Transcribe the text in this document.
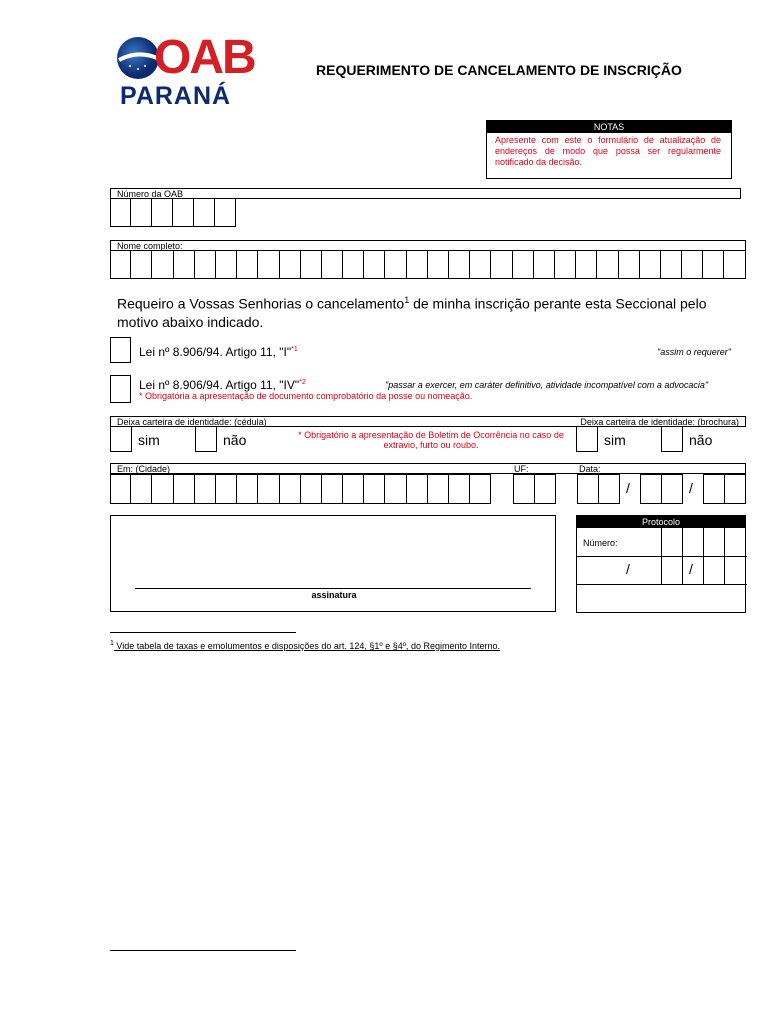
OAB
PARANÁ
REQUERIMENTO DE CANCELAMENTO DE INSCRIÇÃO
NOTAS
Apresente com este o formulário de atualização de endereços de modo que possa ser regularmente notificado da decisão.
Número da OAB
Nome completo:
Requeiro a Vossas Senhorias o cancelamento$^1$ de minha inscrição perante esta Seccional pelo motivo abaixo indicado.
Lei nº 8.906/94. Artigo 11, "I"$^{*1}$	"assim o requerer"
Lei nº 8.906/94. Artigo 11, "IV"$^{*2}$	"passar a exercer, em caráter definitivo, atividade incompatível com a advocacia"
* Obrigatória a apresentação de documento comprobatório da posse ou nomeação.
Deixa carteira de identidade: (cédula)	Deixa carteira de identidade: (brochura)
sim	não	* Obrigatório a apresentação de Boletim de Ocorrência no caso de extravio, furto ou roubo.	sim	não
Em: (Cidade)	UF:	Data:
/	/
assinatura
Protocolo
Número:
/	/
$^1$ Vide tabela de taxas e emolumentos e disposições do art. 124, §1º e §4º, do Regimento Interno.
